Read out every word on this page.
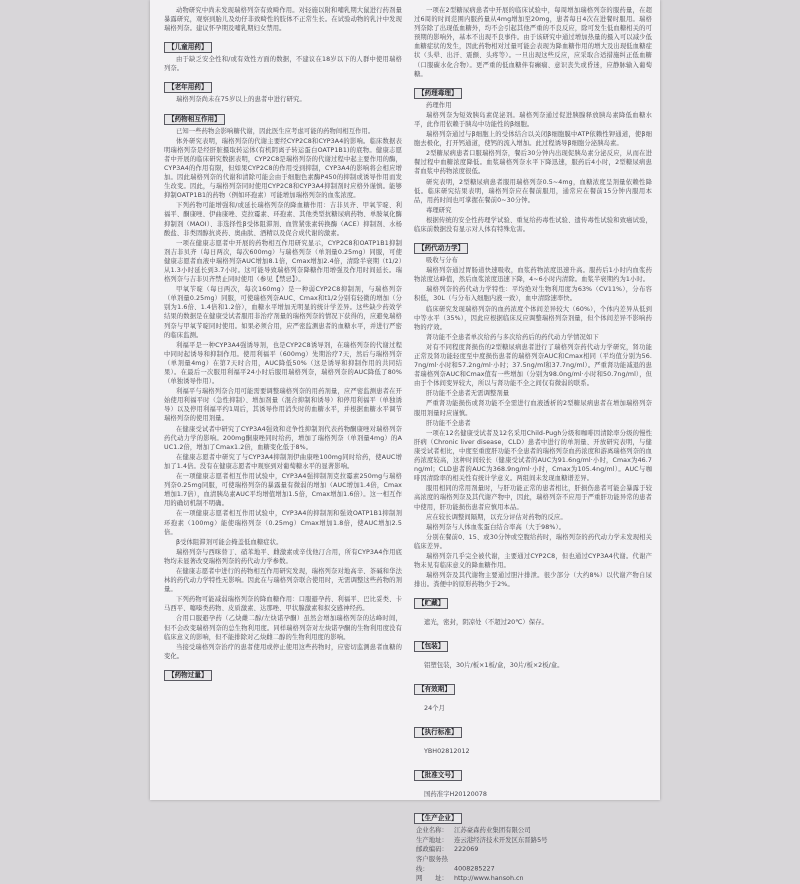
动物研究中尚未发现瑞格列奈有致畸作用。对轻施以附和哺乳期大鼠进行药剂量暴露研究，观察到胎儿及幼仔非致畸性的肢体不正常生长。在试验动物的乳汁中发现瑞格列奈。建议怀孕期及哺乳期妇女禁用。

【儿童用药】

由于缺乏安全性和/或有效性方面的数据，不建议在18岁以下的人群中使用瑞格列奈。

【老年用药】

瑞格列奈尚未在75岁以上的患者中进行研究。

【药物相互作用】

已知一些药物会影响糖代谢，因此医生应考虑可能的药物间相互作用。

体外研究表明，瑞格列奈的代谢主要经CYP2C8和CYP3A4的影响。临床数据表明瑞格列奈是经肝脏摄取转运体(有机阴离子转运蛋白OATP1B1)的底物。健康志愿者中开展的临床研究数据表明，CYP2C8是瑞格列奈的代谢过程中起主要作用的酶，CYP3A4的作用有限，但如果CYP2C8的作用受到抑制，CYP3A4的影响将会相应增加。因此瑞格列奈的代谢和清除可能会由于细胞色素酶P450的抑制或诱导作用而发生改变。因此，与瑞格列奈同时使用CYP2C8和CYP3A4抑制剂时应格外谨慎。能够抑制OATP1B1的药物（例如环孢素）可能增加瑞格列奈的血浆浓度。

下列药物可能增强和/或延长瑞格列奈的降血糖作用：吉非贝齐、甲氧苄啶、利福平、酮康唑、伊曲康唑、克拉霉素、环孢素、其他类型抗糖尿病药物、单胺氧化酶抑制剂（MAOI）、非选择性β受体阻滞剂、血管紧张素转换酶（ACE）抑制剂、水杨酸盐、非类固醇抗炎药、奥曲肽、酒精以及促合成代谢的激素。

一项在健康志愿者中开展的药物相互作用研究显示，CYP2C8和OATP1B1抑制剂吉非贝齐（每日两次，每次600mg）与瑞格列奈（单剂量0.25mg）同服，可使健康志愿者血液中瑞格列奈AUC增加8.1倍，Cmax增加2.4倍，清除半衰期（t1/2）从1.3小时延长到3.7小时。这可能导致瑞格列奈降糖作用增强及作用时间延长。瑞格列奈与吉非贝齐禁止同时使用（参见【禁忌】）。

甲氧苄啶（每日两次，每次160mg）是一种弱CYP2C8抑制剂，与瑞格列奈（单剂量0.25mg）同服，可使瑞格列奈AUC、Cmax和t1/2分别有轻微的增加（分别为1.6倍、1.4倍和1.2倍），血糖水平增加无明显的统计学差异。这些缺少药效学结果的数据是在健康受试者服用非治疗剂量的瑞格列奈的情况下获得的，应避免瑞格列奈与甲氧苄啶同时使用。如果必须合用，应严密监测患者的血糖水平，并进行严密的临床监测。

利福平是一种CYP3A4强诱导剂，也是CYP2C8诱导剂，在瑞格列奈的代谢过程中同时起诱导和抑制作用。使用利福平（600mg）先期治疗7天，然后与瑞格列奈（单剂量4mg）在第7天时合用，AUC降低50%（这是诱导和抑制作用的共同结果）。在最后一次服用利福平24小时后服用瑞格列奈，瑞格列奈的AUC降低了80%（单独诱导作用）。

利福平与瑞格列奈合用可能需要调整瑞格列奈的用药剂量，应严密监测患者在开始使用利福平时（急性抑制）、增加剂量（混合抑制和诱导）和停用利福平（单独诱导）以及停用利福平约1周后，其诱导作用消失时的血糖水平，并根据血糖水平调节瑞格列奈的使用剂量。

在健康受试者中研究了CYP3A4强效和竞争性抑制剂代表药物酮康唑对瑞格列奈药代动力学的影响。200mg酮康唑同时给药，增加了瑞格列奈（单剂量4mg）的AUC1.2倍，增加了Cmax1.2倍，血糖变化低于8%。

在健康志愿者中研究了与CYP3A4抑制剂伊曲康唑100mg同时给药，使AUC增加了1.4倍。没有在健康志愿者中观察到对葡萄糖水平的显著影响。

在一项健康志愿者相互作用试验中，CYP3A4强抑制剂克拉霉素250mg与瑞格列奈0.25mg同服，可使瑞格列奈的暴露量有微弱的增加（AUC增加1.4倍，Cmax增加1.7倍），血清胰岛素AUC平均增值增加1.5倍，Cmax增加1.6倍）。这一相互作用的确切机制不明确。

在一项健康志愿者相互作用试验中，CYP3A4的抑制剂和强效OATP1B1抑制剂环孢素（100mg）能使瑞格列奈（0.25mg）Cmax增加1.8倍，使AUC增加2.5倍。

β受体阻滞剂可能会掩盖低血糖症状。

瑞格列奈与西咪替丁、硝苯地平、雌激素或辛伐他汀合用，所有CYP3A4作用底物均未显著改变瑞格列奈的药代动力学参数。

在健康志愿者中进行的药物相互作用研究发现，瑞格列奈对地高辛、茶碱和华法林的药代动力学特性无影响。因此在与瑞格列奈联合使用时，无需调整这些药物的剂量。

下列药物可能减弱瑞格列奈的降血糖作用：口服避孕药、利福平、巴比妥类、卡马西平、噻嗪类药物、皮质激素、达那唑、甲状腺激素和拟交感神经药。

合用口服避孕药（乙炔雌二醇/左炔诺孕酮）虽然会增加瑞格列奈的达峰时间，但不会改变瑞格列奈的总生物利用度。同样瑞格列奈对左炔诺孕酮的生物利用度没有临床意义的影响，但不能排除对乙炔雌二醇的生物利用度的影响。

当接受瑞格列奈治疗的患者使用或停止使用这些药物时，应密切监测患者血糖的变化。

【药物过量】

一项在2型糖尿病患者中开展的临床试验中，每周增加瑞格列奈的服药量，在超过6周的时间范围内服药量从4mg增加至20mg，患者每日4次在进餐时服用。瑞格列奈除了出现低血糖外，均不会引起其他严重的不良反应，除可发生低血糖相关的可预期的影响外，基本不出现不良事件。由于该研究中通过增加热量的摄入可以减少低血糖症状的发生，因此药物相对过量可能会表现为降血糖作用的增大及出现低血糖症状（头晕、出汗、震颤、头疼等）。一旦出现这些反应，应采取合适措施纠正低血糖（口服碳水化合物）。更严重的低血糖伴有癫痫、意识丧失或昏迷，应静脉输入葡萄糖。

【药理毒理】

药理作用

瑞格列奈为短效胰岛素促泌剂。瑞格列奈通过促进胰腺释放胰岛素降低血糖水平，此作用依赖于胰岛中功能性的β细胞。

瑞格列奈通过与β细胞上的受体结合以关闭β细胞膜中ATP依赖性钾通道，使β细胞去极化，打开钙通道，使钙的流入增加。此过程诱导β细胞分泌胰岛素。

2型糖尿病患者口服瑞格列奈，餐后30分钟内出现促胰岛素分泌反应，从而在进餐过程中血糖浓度降低。血浆瑞格列奈水平下降迅速，服药后4小时，2型糖尿病患者血浆中药物浓度很低。

研究表明，2型糖尿病患者服用瑞格列奈0.5~4mg，血糖浓度呈剂量依赖性降低。临床研究结果表明，瑞格列奈应在餐前服用，通常应在餐前15分钟内服用本品，用药时间也可掌握在餐前0~30分钟。

毒理研究

根据传统的安全性药理学试验、重复给药毒性试验、遗传毒性试验和致癌试验，临床前数据没有显示对人体有特殊危害。

【药代动力学】

吸收与分布

瑞格列奈通过胃肠道快速吸收，血浆药物浓度迅速升高。服药后1小时内血浆药物浓度达峰值，然后血浆浓度迅速下降，4~6小时内清除。血浆半衰期约为1小时。

瑞格列奈的药代动力学特性：平均绝对生物利用度为63%（CV11%），分布容积低，30L（与分布入细胞内液一致），血中清除速率快。

临床研究发现瑞格列奈的血药浓度个体间差异较大（60%），个体内差异从低到中等水平（35%），因此应根据临床反应调整瑞格列奈剂量，但个体间差异不影响药物的疗效。

肾功能不全患者单次给药与多次给药后的药代动力学情况如下

对有不同程度肾损伤的2型糖尿病患者进行了瑞格列奈药代动力学研究，肾功能正常及肾功能轻度至中度损伤患者的瑞格列奈AUC和Cmax相同（平均值分别为56.7ng/ml·小时和57.2ng/ml·小时；37.5ng/ml和37.7ng/ml）。严重肾功能减退的患者瑞格列奈AUC和Cmax值有一些增加（分别为98.0ng/ml·小时和50.7ng/ml），但由于个体间变异较大，所以与肾功能不全之间仅有微弱的联系。

肝功能不全患者无需调整剂量

严重肾功能损伤或肾功能不全需进行血液透析的2型糖尿病患者在增加瑞格列奈服用剂量时应谨慎。

肝功能不全患者

一项在12名健康受试者及12名采用Child-Pugh分级和咖啡因清除率分级的慢性肝病（Chronic liver disease，CLD）患者中进行的单剂量、开放研究表明，与健康受试者相比，中度至重度肝功能不全患者的瑞格列奈血药浓度和游离瑞格列奈的血药浓度较高，这种时间较长（健康受试者的AUC为91.6ng/ml·小时，Cmax为46.7ng/ml；CLD患者的AUC为368.9ng/ml·小时，Cmax为105.4ng/ml）。AUC与咖啡因清除率的相关性有统计学意义。两组间未发现血糖谱差异。

服用相同的常用剂量时，与肝功能正常的患者相比，肝损伤患者可能会暴露于较高浓度的瑞格列奈及其代谢产物中，因此，瑞格列奈不应用于严重肝功能异常的患者中使用，肝功能损伤患者应慎用本品。

应在较长调整间隔期，以充分评估对药物的反应。

瑞格列奈与人体血浆蛋白结合率高（大于98%）。

分别在餐前0、15、或30分钟或空腹给药时，瑞格列奈的药代动力学未发现相关临床差异。

瑞格列奈几乎完全被代谢，主要通过CYP2C8，但也通过CYP3A4代谢。代谢产物未见有临床意义的降血糖作用。

瑞格列奈及其代谢物主要通过胆汁排泄。很少部分（大约8%）以代谢产物自尿排出。粪便中的原形药物少于2%。

【贮藏】

遮光，密封，阴凉处（不超过20℃）保存。

【包装】

铝塑包装，30片/板×1板/盒，30片/板×2板/盒。

【有效期】

24个月

【执行标准】

YBH02812012

【批准文号】

国药准字H20120078

【生产企业】
企业名称： 江苏豪森药业集团有限公司
生产地址： 连云港经济技术开发区东晋路5号
邮政编码： 222069
客户服务热线：	4008285227
网　　址： http://www.hansoh.cn
